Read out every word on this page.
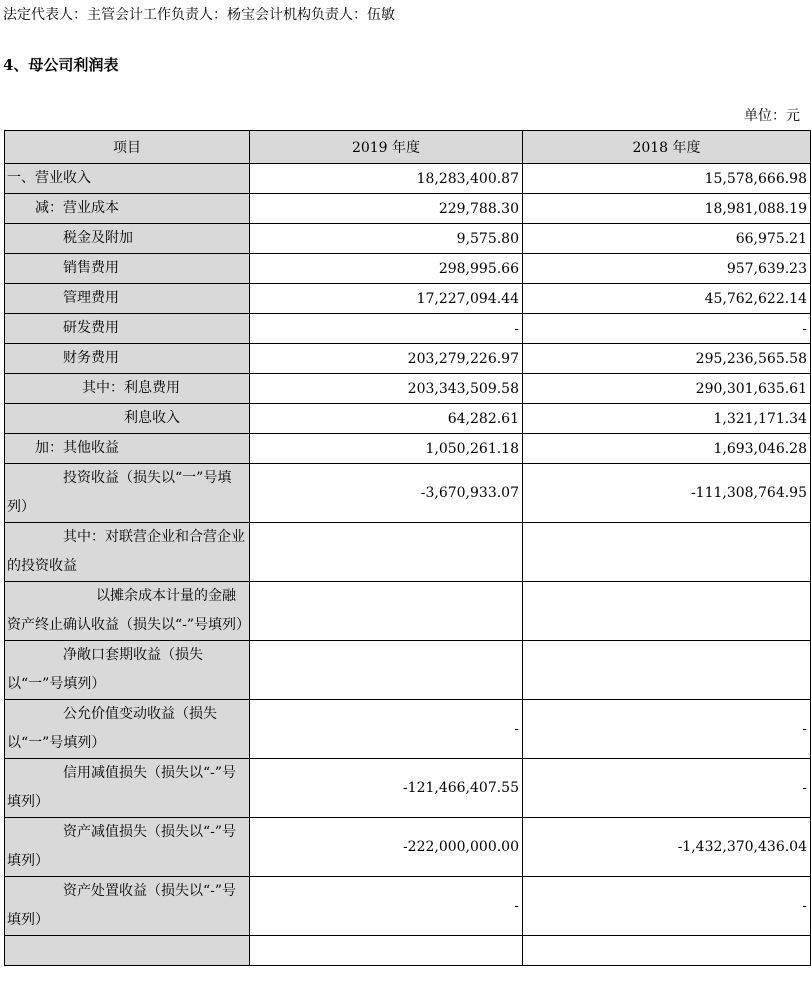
法定代表人：主管会计工作负责人：杨宝会计机构负责人：伍敏
4、母公司利润表
单位：元
项目	2019 年度	2018 年度
一、营业收入	18,283,400.87	15,578,666.98
减：营业成本	229,788.30	18,981,088.19
税金及附加	9,575.80	66,975.21
销售费用	298,995.66	957,639.23
管理费用	17,227,094.44	45,762,622.14
研发费用	-	-
财务费用	203,279,226.97	295,236,565.58
其中：利息费用	203,343,509.58	290,301,635.61
利息收入	64,282.61	1,321,171.34
加：其他收益	1,050,261.18	1,693,046.28
投资收益（损失以“一”号填列）	-3,670,933.07	-111,308,764.95
其中：对联营企业和合营企业的投资收益		
以摊余成本计量的金融资产终止确认收益（损失以“-”号填列）		
净敞口套期收益（损失以“一”号填列）		
公允价值变动收益（损失以“一”号填列）	-	-
信用减值损失（损失以“-”号填列）	-121,466,407.55	-
资产减值损失（损失以“-”号填列）	-222,000,000.00	-1,432,370,436.04
资产处置收益（损失以“-”号填列）	-	-
